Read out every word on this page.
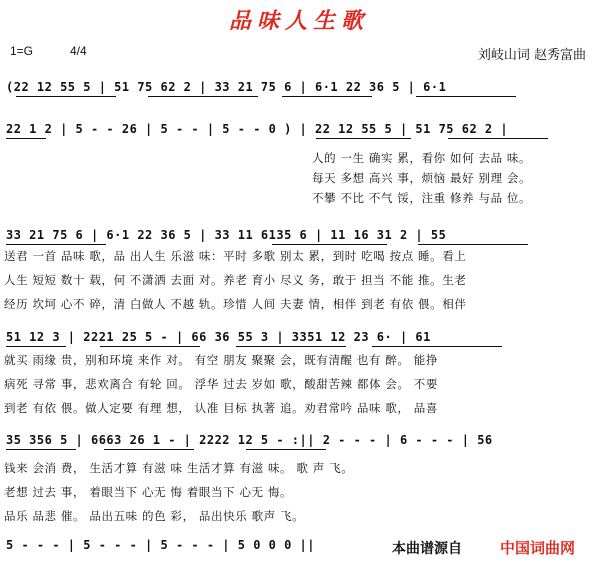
品味人生歌
1=G	4/4	刘岐山词 赵秀富曲
(22 12 55 5 | 51 75 62 2 | 33 21 75 6 | 6·1 22 36 5 | 6·1
22 1 2 | 5 - - 26 | 5 - - | 5 - - 0 ) | 22 12 55 5 | 51 75 62 2 |
人的 一生 确实 累，看你 如何 去品 味。
每天 多想 高兴 事，烦恼 最好 别理 会。
不攀 不比 不气 馁，注重 修养 与品 位。
33 21 75 6 | 6·1 22 36 5 | 33 11 6135 6 | 11 16 31 2 | 55
送君 一首 品味 歌，品 出人生 乐滋 味：平时 多歌 别太 累，到时 吃喝 按点 睡。看上
人生 短短 数十 载，何 不潇洒 去面 对。养老 育小 尽义 务，敢于 担当 不能 推。生老
经历 坎坷 心不 碎，清 白做人 不越 轨。珍惜 人间 夫妻 情，相伴 到老 有依 偎。相伴
51 12 3 | 2221 25 5 - | 66 36 55 3 | 3351 12 23 6· | 61
就买 雨缘 贵，别和环境 来作 对。 有空 朋友 聚聚 会，既有清醒 也有 醉。 能挣
病死 寻常 事，悲欢离合 有轮 回。 浮华 过去 岁如 歌，酸甜苦辣 都体 会。 不要
到老 有依 偎。做人定要 有理 想， 认准 目标 执著 追。劝君常吟 品味 歌， 品喜
35 356 5 | 6663 26 1 - | 2222 12 5 - :|| 2 - - - | 6 - - - | 56
钱来 会消 费， 生活才算 有滋 味 生活才算 有滋 味。 歌 声 飞。
老想 过去 事， 着眼当下 心无 悔 着眼当下 心无 悔。
品乐 品悲 催。 品出五味 的色 彩， 品出快乐 歌声 飞。
5 - - - | 5 - - - | 5 - - - | 5 0 0 0 ||	本曲谱源自	中国词曲网
